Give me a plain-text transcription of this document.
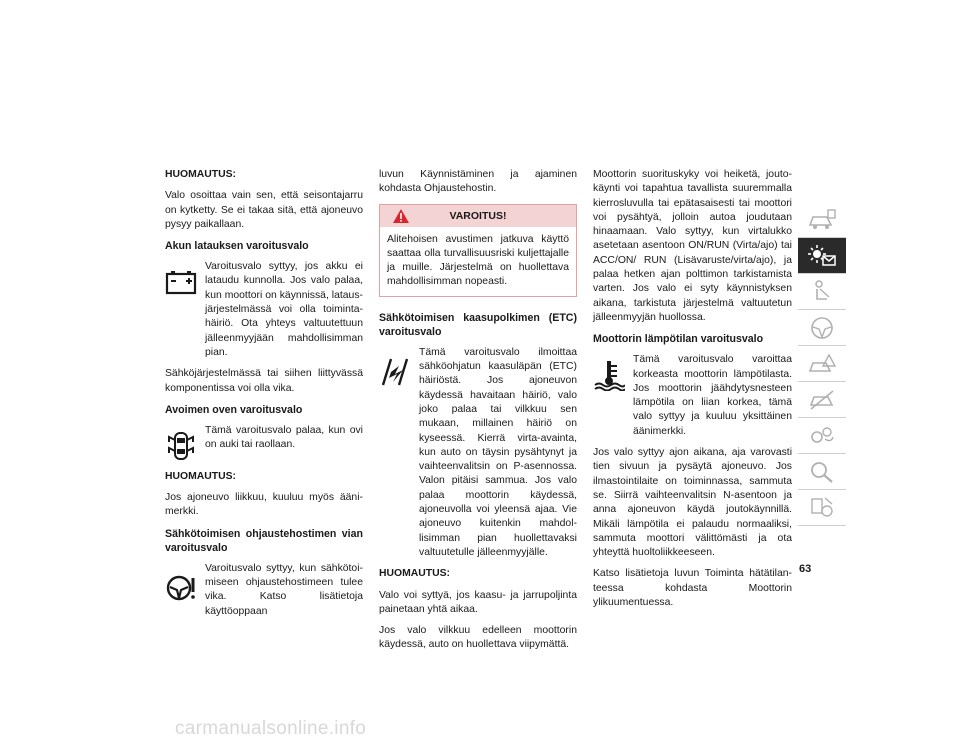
HUOMAUTUS:

Valo osoittaa vain sen, että seisontajarru on kytketty. Se ei takaa sitä, että ajoneuvo pysyy paikallaan.

Akun latauksen varoitusvalo

Varoitusvalo syttyy, jos akku ei lataudu kunnolla. Jos valo palaa, kun moottori on käynnissä, latausjärjestelmässä voi olla toimintahäiriö. Ota yhteys valtuutettuun jälleenmyyjään mahdollisimman pian.

Sähköjärjestelmässä tai siihen liittyvässä komponentissa voi olla vika.

Avoimen oven varoitusvalo

Tämä varoitusvalo palaa, kun ovi on auki tai raollaan.

HUOMAUTUS:

Jos ajoneuvo liikkuu, kuuluu myös äänimerkki.

Sähkötoimisen ohjaustehostimen vian varoitusvalo

Varoitusvalo syttyy, kun sähkötoimiseen ohjaustehostimeen tulee vika. Katso lisätietoja käyttöoppaan

luvun Käynnistäminen ja ajaminen kohdasta Ohjaustehostin.

VAROITUS!
Alitehoisen avustimen jatkuva käyttö saattaa olla turvallisuusriski kuljettajalle ja muille. Järjestelmä on huollettava mahdollisimman nopeasti.

Sähkötoimisen kaasupolkimen (ETC) varoitusvalo

Tämä varoitusvalo ilmoittaa sähköohjatun kaasuläpän (ETC) häiriöstä. Jos ajoneuvon käydessä havaitaan häiriö, valo joko palaa tai vilkkuu sen mukaan, millainen häiriö on kyseessä. Kierrä virta-avainta, kun auto on täysin pysähtynyt ja vaihteenvalitsin on P-asennossa. Valon pitäisi sammua. Jos valo palaa moottorin käydessä, ajoneuvolla voi yleensä ajaa. Vie ajoneuvo kuitenkin mahdollisimman pian huollettavaksi valtuutetulle jälleenmyyjälle.

HUOMAUTUS:

Valo voi syttyä, jos kaasu- ja jarrupoljinta painetaan yhtä aikaa.

Jos valo vilkkuu edelleen moottorin käydessä, auto on huollettava viipymättä.

Moottorin suorituskyky voi heiketä, joutokäynti voi tapahtua tavallista suuremmalla kierrosluvulla tai epätasaisesti tai moottori voi pysähtyä, jolloin autoa joudutaan hinaamaan. Valo syttyy, kun virtalukko asetetaan asentoon ON/RUN (Virta/ajo) tai ACC/ON/ RUN (Lisävaruste/virta/ajo), ja palaa hetken ajan polttimon tarkistamista varten. Jos valo ei syty käynnistyksen aikana, tarkistuta järjestelmä valtuutetun jälleenmyyjän huollossa.

Moottorin lämpötilan varoitusvalo

Tämä varoitusvalo varoittaa korkeasta moottorin lämpötilasta. Jos moottorin jäähdytysnesteen lämpötila on liian korkea, tämä valo syttyy ja kuuluu yksittäinen äänimerkki.

Jos valo syttyy ajon aikana, aja varovasti tien sivuun ja pysäytä ajoneuvo. Jos ilmastointilaite on toiminnassa, sammuta se. Siirrä vaihteenvalitsin N-asentoon ja anna ajoneuvon käydä joutokäynnillä. Mikäli lämpötila ei palaudu normaaliksi, sammuta moottori välittömästi ja ota yhteyttä huoltoliikkeeseen.

Katso lisätietoja luvun Toiminta hätätilanteessa kohdasta Moottorin ylikuumentuessa.

63
carmanualsonline.info
